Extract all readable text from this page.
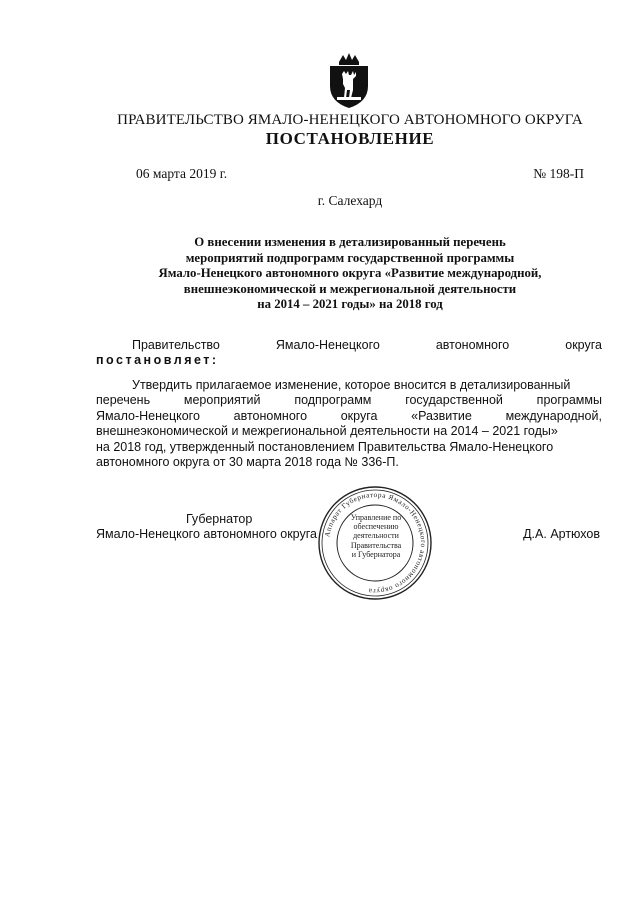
ПРАВИТЕЛЬСТВО ЯМАЛО-НЕНЕЦКОГО АВТОНОМНОГО ОКРУГА
ПОСТАНОВЛЕНИЕ
06 марта 2019 г.	№ 198-П
г. Салехард
О внесении изменения в детализированный перечень
мероприятий подпрограмм государственной программы
Ямало-Ненецкого автономного округа «Развитие международной,
внешнеэкономической и межрегиональной деятельности
на 2014 – 2021 годы» на 2018 год
Правительство	Ямало-Ненецкого	автономного	округа
постановляет:
Утвердить прилагаемое изменение, которое вносится в детализированный
перечень	мероприятий	подпрограмм	государственной	программы
Ямало-Ненецкого	автономного	округа	«Развитие	международной,
внешнеэкономической и межрегиональной деятельности на 2014 – 2021 годы»
на 2018 год, утвержденный постановлением Правительства Ямало-Ненецкого
автономного округа от 30 марта 2018 года № 336-П.
Губернатор
Ямало-Ненецкого автономного округа	Д.А. Артюхов
Аппарат Губернатора Ямало-Ненецкого автономного округа
Управление по
обеспечению
деятельности
Правительства
и Губернатора
